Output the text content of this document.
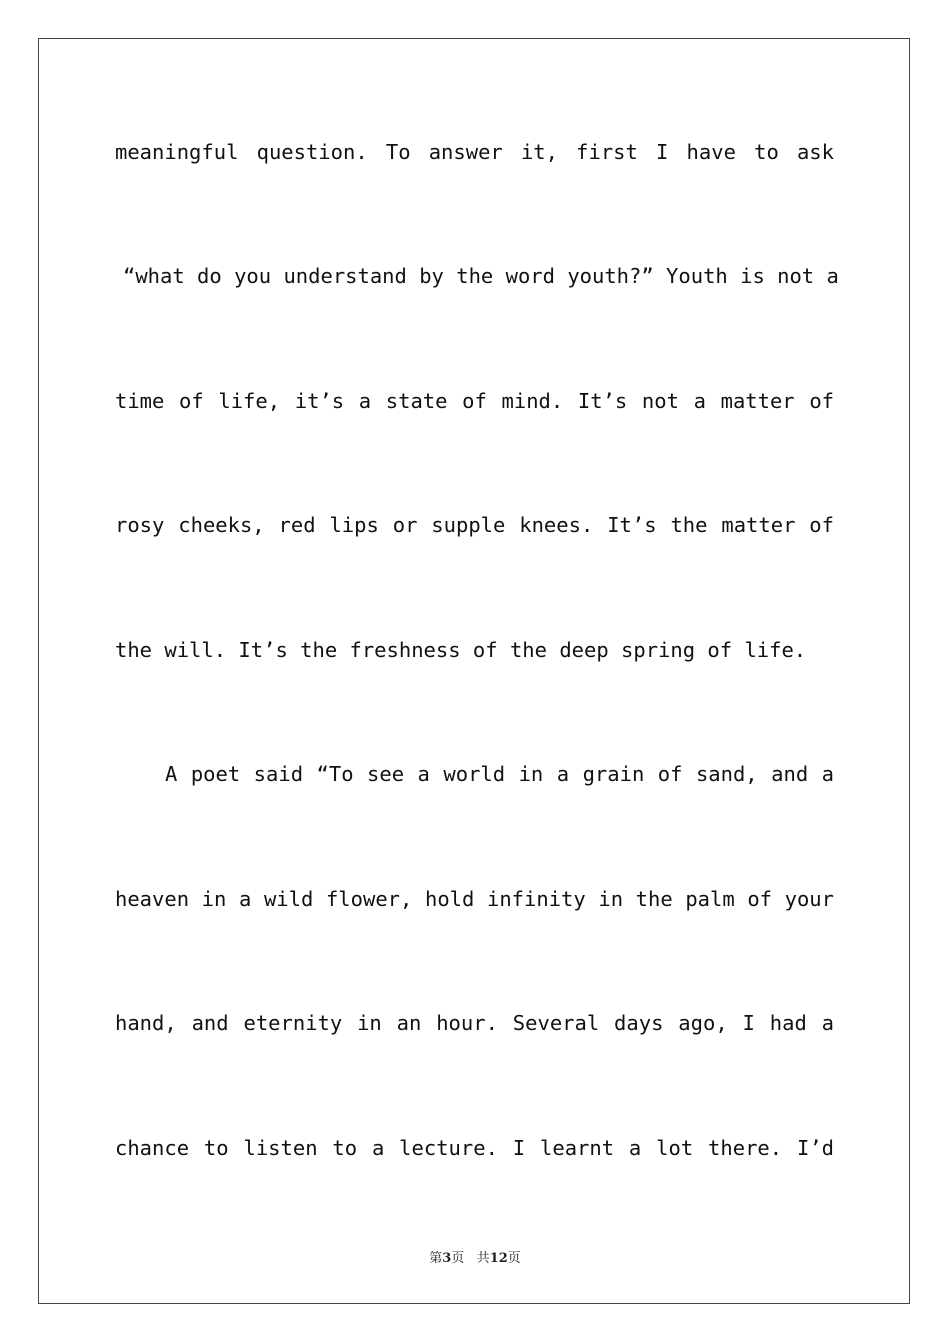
meaningful question. To answer it, first I have to ask
“what do you understand by the word youth?” Youth is not a
time of life, it’s a state of mind. It’s not a matter of
rosy cheeks, red lips or supple knees. It’s the matter of
the will. It’s the freshness of the deep spring of life.
A poet said “To see a world in a grain of sand, and a
heaven in a wild flower, hold infinity in the palm of your
hand, and eternity in an hour. Several days ago, I had a
chance to listen to a lecture. I learnt a lot there. I’d
第3页 共12页
